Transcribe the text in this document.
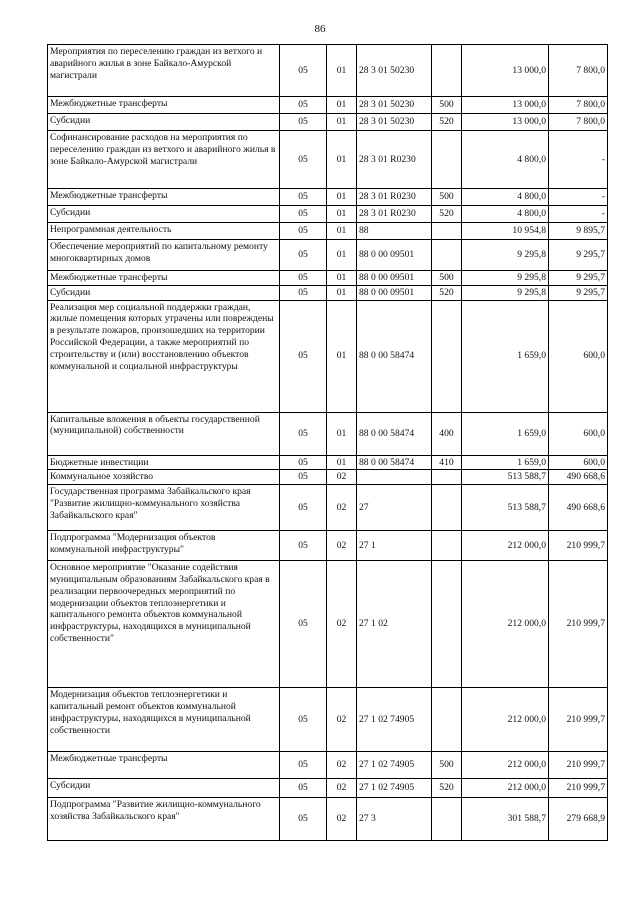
86
Мероприятия по переселению граждан из ветхого и аварийного жилья в зоне Байкало-Амурской магистрали	05	01	28 3 01 50230		13 000,0	7 800,0
Межбюджетные трансферты	05	01	28 3 01 50230	500	13 000,0	7 800,0
Субсидии	05	01	28 3 01 50230	520	13 000,0	7 800,0
Софинансирование расходов на мероприятия по переселению граждан из ветхого и аварийного жилья в зоне Байкало-Амурской магистрали	05	01	28 3 01 R0230		4 800,0	-
Межбюджетные трансферты	05	01	28 3 01 R0230	500	4 800,0	-
Субсидии	05	01	28 3 01 R0230	520	4 800,0	-
Непрограммная деятельность	05	01	88		10 954,8	9 895,7
Обеспечение мероприятий по капитальному ремонту многоквартирных домов	05	01	88 0 00 09501		9 295,8	9 295,7
Межбюджетные трансферты	05	01	88 0 00 09501	500	9 295,8	9 295,7
Субсидии	05	01	88 0 00 09501	520	9 295,8	9 295,7
Реализация мер социальной поддержки граждан, жилые помещения которых утрачены или повреждены в результате пожаров, произошедших на территории Российской Федерации, а также мероприятий по строительству и (или) восстановлению объектов коммунальной и социальной инфраструктуры	05	01	88 0 00 58474		1 659,0	600,0
Капитальные вложения в объекты государственной (муниципальной) собственности	05	01	88 0 00 58474	400	1 659,0	600,0
Бюджетные инвестиции	05	01	88 0 00 58474	410	1 659,0	600,0
Коммунальное хозяйство	05	02			513 588,7	490 668,6
Государственная программа Забайкальского края "Развитие жилищно-коммунального хозяйства Забайкальского края"	05	02	27		513 588,7	490 668,6
Подпрограмма "Модернизация объектов коммунальной инфраструктуры"	05	02	27 1		212 000,0	210 999,7
Основное мероприятие "Оказание содействия муниципальным образованиям Забайкальского края в реализации первоочередных мероприятий по модернизации объектов теплоэнергетики и капитального ремонта объектов коммунальной инфраструктуры, находящихся в муниципальной собственности"	05	02	27 1 02		212 000,0	210 999,7
Модернизация объектов теплоэнергетики и капитальный ремонт объектов коммунальной инфраструктуры, находящихся в муниципальной собственности	05	02	27 1 02 74905		212 000,0	210 999,7
Межбюджетные трансферты	05	02	27 1 02 74905	500	212 000,0	210 999,7
Субсидии	05	02	27 1 02 74905	520	212 000,0	210 999,7
Подпрограмма "Развитие жилищно-коммунального хозяйства Забайкальского края"	05	02	27 3		301 588,7	279 668,9
